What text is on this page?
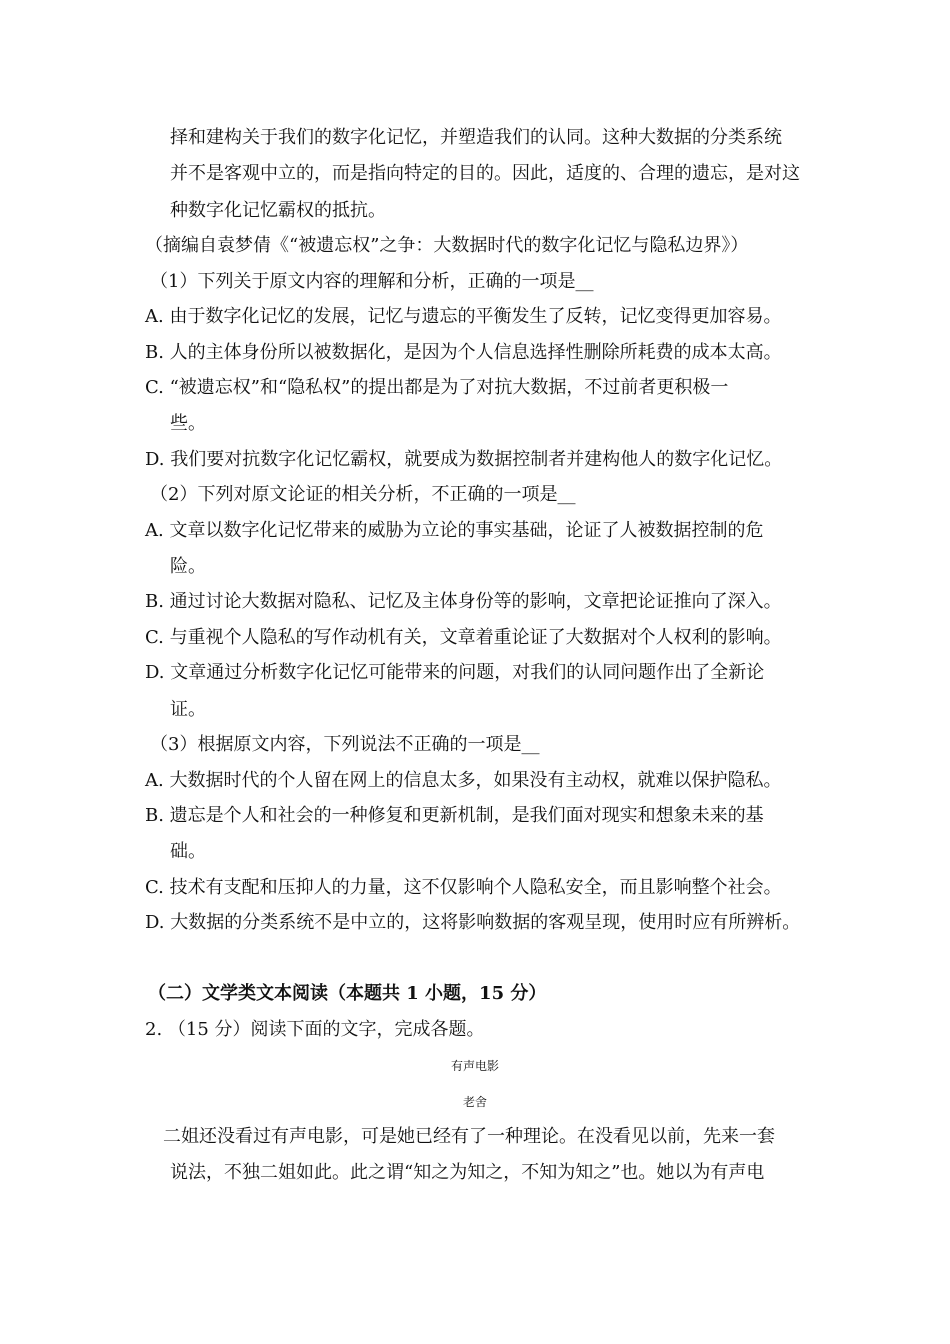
择和建构关于我们的数字化记忆，并塑造我们的认同。这种大数据的分类系统
并不是客观中立的，而是指向特定的目的。因此，适度的、合理的遗忘，是对这
种数字化记忆霸权的抵抗。
（摘编自袁梦倩《“被遗忘权”之争：大数据时代的数字化记忆与隐私边界》）
（1）下列关于原文内容的理解和分析，正确的一项是__
A. 由于数字化记忆的发展，记忆与遗忘的平衡发生了反转，记忆变得更加容易。
B. 人的主体身份所以被数据化，是因为个人信息选择性删除所耗费的成本太高。
C. “被遗忘权”和“隐私权”的提出都是为了对抗大数据，不过前者更积极一
些。
D. 我们要对抗数字化记忆霸权，就要成为数据控制者并建构他人的数字化记忆。
（2）下列对原文论证的相关分析，不正确的一项是__
A. 文章以数字化记忆带来的威胁为立论的事实基础，论证了人被数据控制的危
险。
B. 通过讨论大数据对隐私、记忆及主体身份等的影响，文章把论证推向了深入。
C. 与重视个人隐私的写作动机有关，文章着重论证了大数据对个人权利的影响。
D. 文章通过分析数字化记忆可能带来的问题，对我们的认同问题作出了全新论
证。
（3）根据原文内容，下列说法不正确的一项是__
A. 大数据时代的个人留在网上的信息太多，如果没有主动权，就难以保护隐私。
B. 遗忘是个人和社会的一种修复和更新机制，是我们面对现实和想象未来的基
础。
C. 技术有支配和压抑人的力量，这不仅影响个人隐私安全，而且影响整个社会。
D. 大数据的分类系统不是中立的，这将影响数据的客观呈现，使用时应有所辨析。
（二）文学类文本阅读（本题共 1 小题，15 分）
2. （15 分）阅读下面的文字，完成各题。
有声电影
老舍
二姐还没看过有声电影，可是她已经有了一种理论。在没看见以前，先来一套
说法，不独二姐如此。此之谓“知之为知之，不知为知之”也。她以为有声电
